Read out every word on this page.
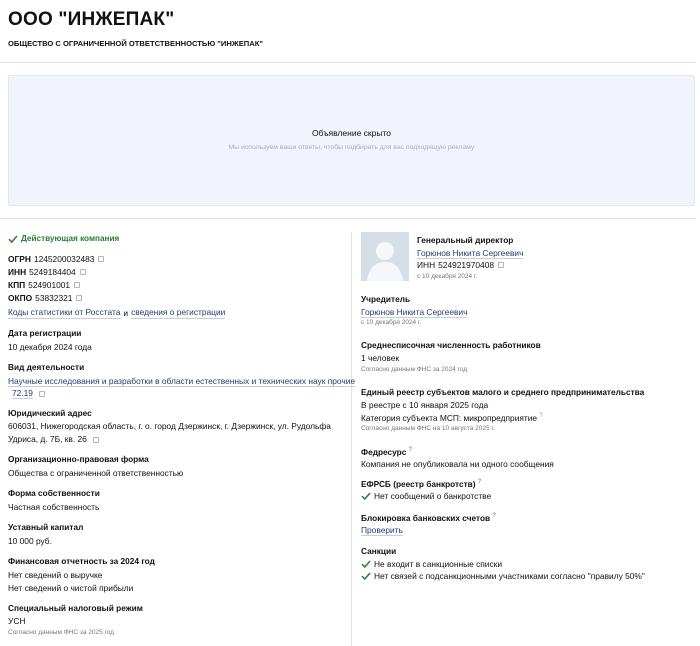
ООО "ИНЖЕПАК"
ОБЩЕСТВО С ОГРАНИЧЕННОЙ ОТВЕТСТВЕННОСТЬЮ "ИНЖЕПАК"
Объявление скрыто
Мы используем ваши ответы, чтобы подбирать для вас подходящую рекламу
Действующая компания
ОГРН 1245200032483
ИНН 5249184404
КПП 524901001
ОКПО 53832321
Коды статистики от Росстата и сведения о регистрации
Дата регистрации
10 декабря 2024 года
Вид деятельности
Научные исследования и разработки в области естественных и технических наук прочие
72.19
Юридический адрес
606031, Нижегородская область, г. о. город Дзержинск, г. Дзержинск, ул. Рудольфа
Удриса, д. 7Б, кв. 26
Организационно-правовая форма
Общества с ограниченной ответственностью
Форма собственности
Частная собственность
Уставный капитал
10 000 руб.
Финансовая отчетность за 2024 год
Нет сведений о выручке
Нет сведений о чистой прибыли
Специальный налоговый режим
УСН
Согласно данным ФНС за 2025 год
Генеральный директор
Горюнов Никита Сергеевич
ИНН 524921970408
с 10 декабря 2024 г.
Учредитель
Горюнов Никита Сергеевич
с 10 декабря 2024 г.
Среднесписочная численность работников
1 человек
Согласно данным ФНС за 2024 год
Единый реестр субъектов малого и среднего предпринимательства
В реестре с 10 января 2025 года
Категория субъекта МСП: микропредприятие ?
Согласно данным ФНС на 10 августа 2025 г.
Федресурс ?
Компания не опубликовала ни одного сообщения
ЕФРСБ (реестр банкротств) ?
Нет сообщений о банкротстве
Блокировка банковских счетов ?
Проверить
Санкции
Не входит в санкционные списки
Нет связей с подсанкционными участниками согласно "правилу 50%"
